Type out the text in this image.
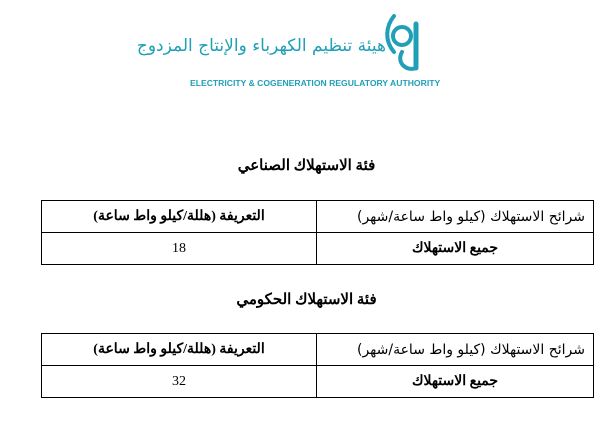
هيئة تنظيم الكهرباء والإنتاج المزدوج
ELECTRICITY & COGENERATION REGULATORY AUTHORITY
فئة الاستهلاك الصناعي
التعريفة (هللة/كيلو واط ساعة)	شرائح الاستهلاك (كيلو واط ساعة/شهر)
18	جميع الاستهلاك
فئة الاستهلاك الحكومي
التعريفة (هللة/كيلو واط ساعة)	شرائح الاستهلاك (كيلو واط ساعة/شهر)
32	جميع الاستهلاك
